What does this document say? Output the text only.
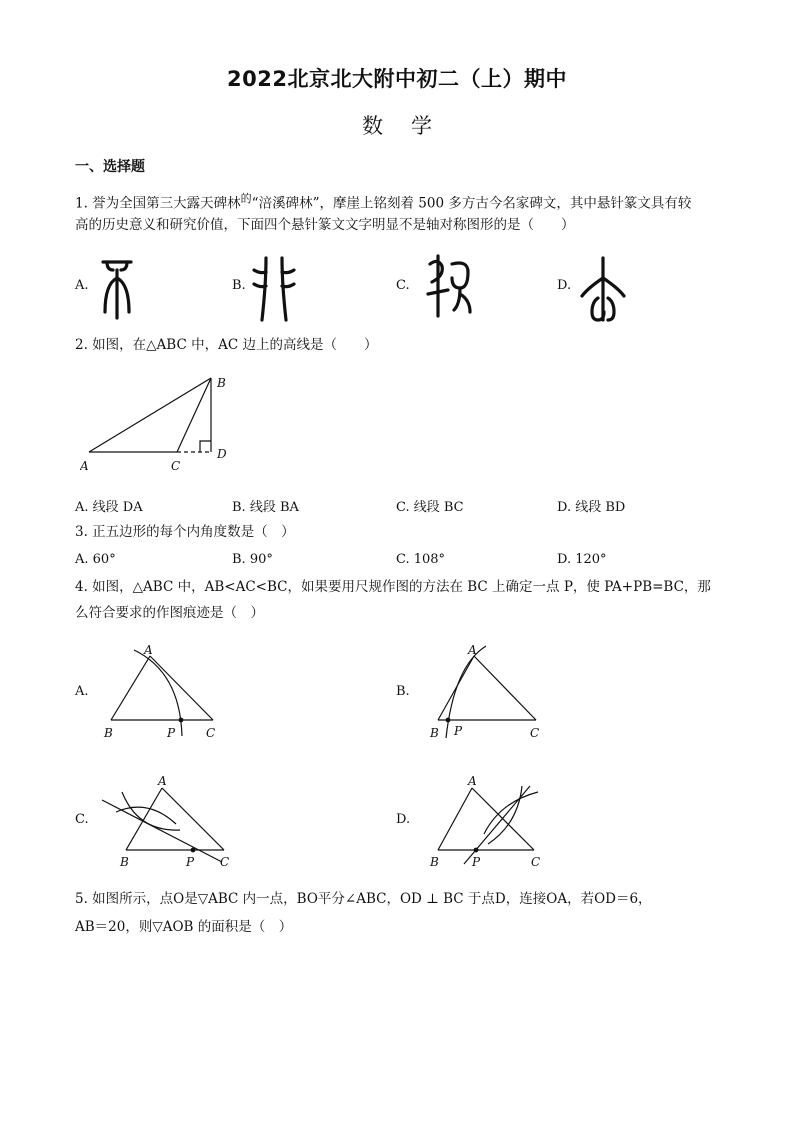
2022北京北大附中初二（上）期中
数学
一、选择题
1. 誉为全国第三大露天碑林$^的$“涪溪碑林”，摩崖上铭刻着 500 多方古今名家碑文，其中悬针篆文具有较
高的历史意义和研究价值，下面四个悬针篆文文字明显不是轴对称图形的是（　　）
A.	B.	C.	D.
2. 如图，在△ABC 中，AC 边上的高线是（　　）
A
B
C
D
A. 线段 DA	B. 线段 BA	C. 线段 BC	D. 线段 BD
3. 正五边形的每个内角度数是（　）
A. 60°	B. 90°	C. 108°	D. 120°
4. 如图，△ABC 中，AB<AC<BC，如果要用尺规作图的方法在 BC 上确定一点 P，使 PA+PB=BC，那
么符合要求的作图痕迹是（　）
A.
A
B	P	C
B.
A
B P	C
C.
A
B	P C
D.
A
B	P	C
5. 如图所示，点O是▽ABC 内一点，BO平分∠ABC，OD ⊥ BC 于点D，连接OA，若OD＝6，
AB＝20，则▽AOB 的面积是（　）
